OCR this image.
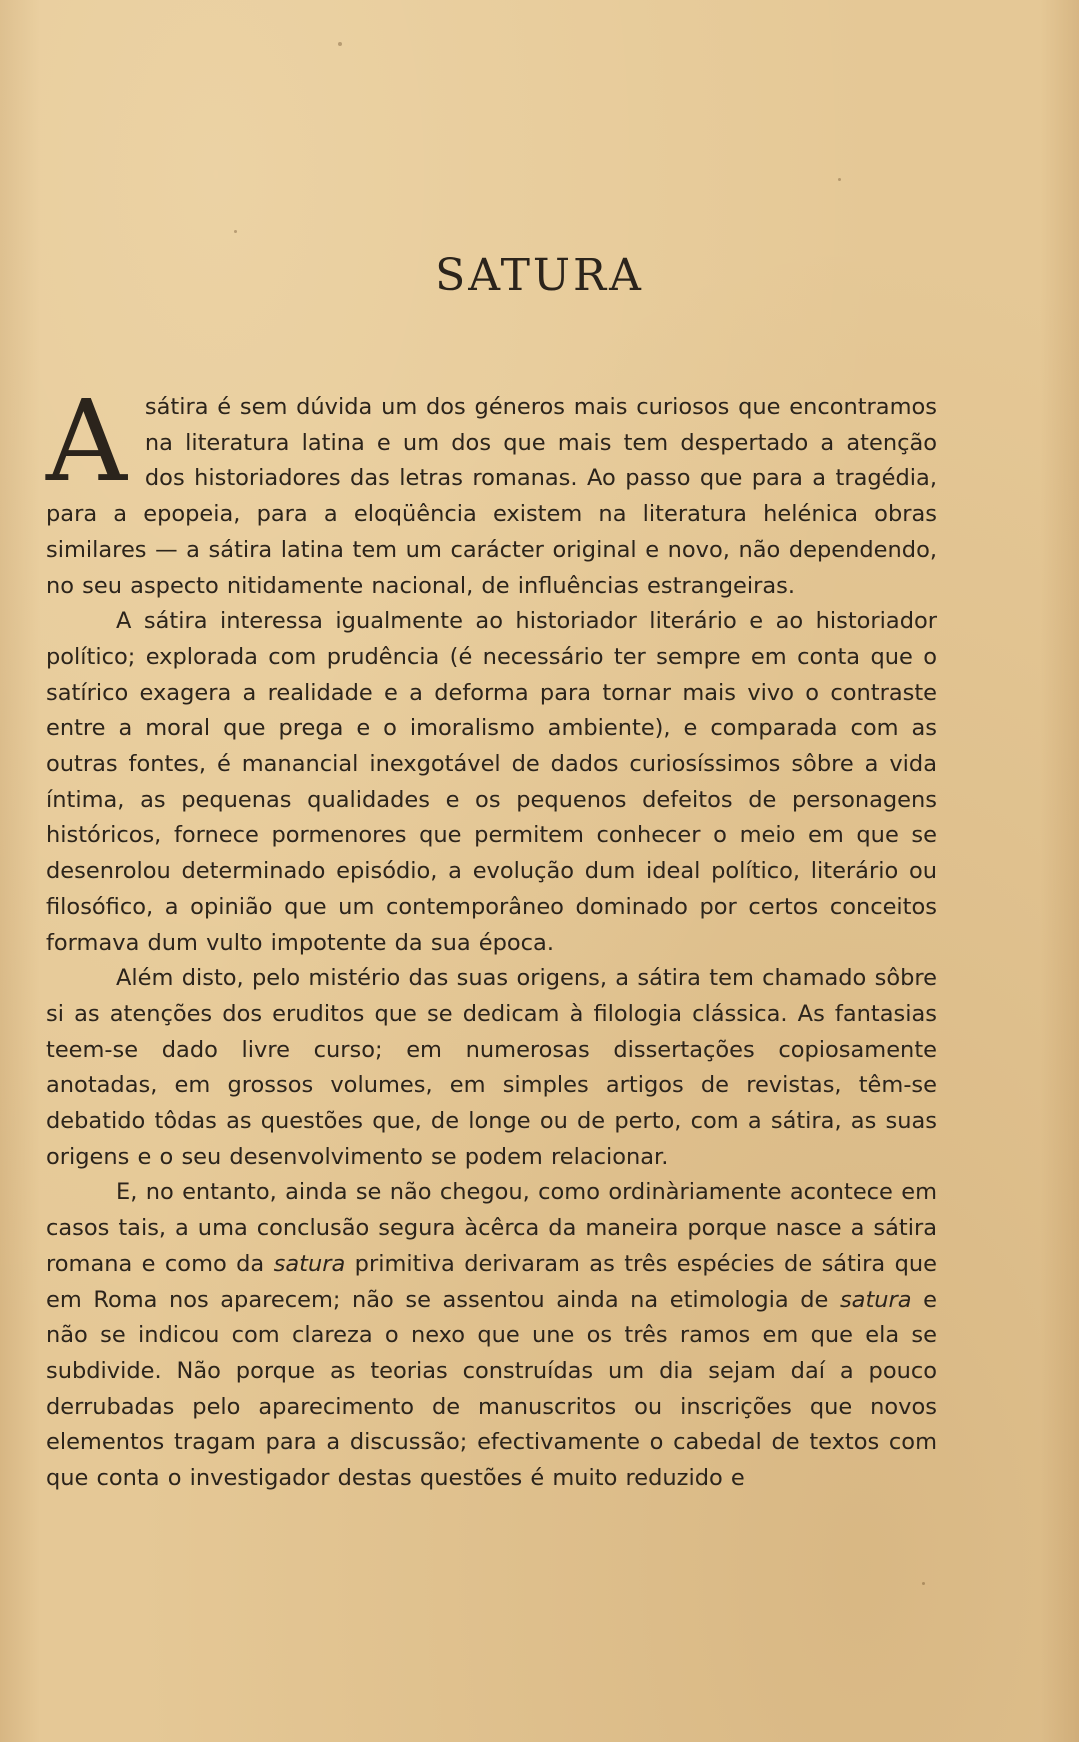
SATURA

Asátira é sem dúvida um dos géneros mais curiosos que encontramos na literatura latina e um dos que mais tem despertado a atenção dos historiadores das letras romanas. Ao passo que para a tragédia, para a epopeia, para a eloqüência existem na literatura helénica obras similares — a sátira latina tem um carácter original e novo, não dependendo, no seu aspecto nitidamente nacional, de influências estrangeiras.

A sátira interessa igualmente ao historiador literário e ao historiador político; explorada com prudência (é necessário ter sempre em conta que o satírico exagera a realidade e a deforma para tornar mais vivo o contraste entre a moral que prega e o imoralismo ambiente), e comparada com as outras fontes, é manancial inexgotável de dados curiosíssimos sôbre a vida íntima, as pequenas qualidades e os pequenos defeitos de personagens históricos, fornece pormenores que permitem conhecer o meio em que se desenrolou determinado episódio, a evolução dum ideal político, literário ou filosófico, a opinião que um contemporâneo dominado por certos conceitos formava dum vulto impotente da sua época.

Além disto, pelo mistério das suas origens, a sátira tem chamado sôbre si as atenções dos eruditos que se dedicam à filologia clássica. As fantasias teem-se dado livre curso; em numerosas dissertações copiosamente anotadas, em grossos volumes, em simples artigos de revistas, têm-se debatido tôdas as questões que, de longe ou de perto, com a sátira, as suas origens e o seu desenvolvimento se podem relacionar.

E, no entanto, ainda se não chegou, como ordinàriamente acontece em casos tais, a uma conclusão segura àcêrca da maneira porque nasce a sátira romana e como da satura primitiva derivaram as três espécies de sátira que em Roma nos aparecem; não se assentou ainda na etimologia de satura e não se indicou com clareza o nexo que une os três ramos em que ela se subdivide. Não porque as teorias construídas um dia sejam daí a pouco derrubadas pelo aparecimento de manuscritos ou inscrições que novos elementos tragam para a discussão; efectivamente o cabedal de textos com que conta o investigador destas questões é muito reduzido e
